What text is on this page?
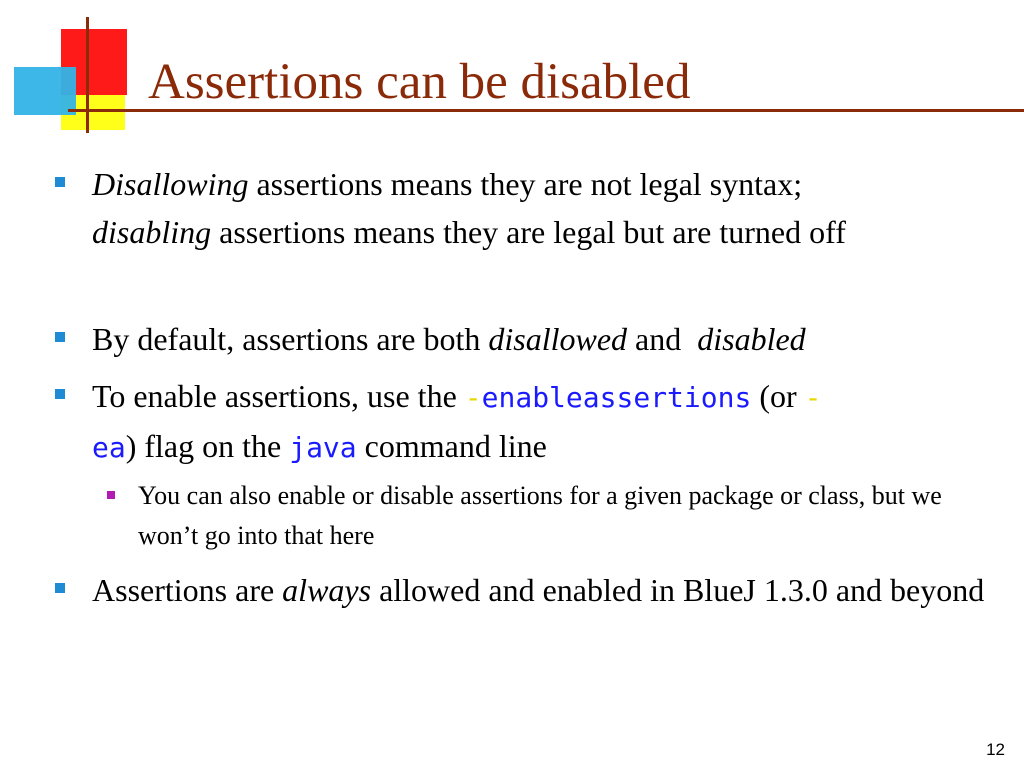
Assertions can be disabled
Disallowing assertions means they are not legal syntax;
disabling assertions means they are legal but are turned off
By default, assertions are both disallowed and  disabled
To enable assertions, use the -enableassertions (or -
ea) flag on the java command line
You can also enable or disable assertions for a given package or class, but we won’t go into that here
Assertions are always allowed and enabled in BlueJ 1.3.0 and beyond
12
